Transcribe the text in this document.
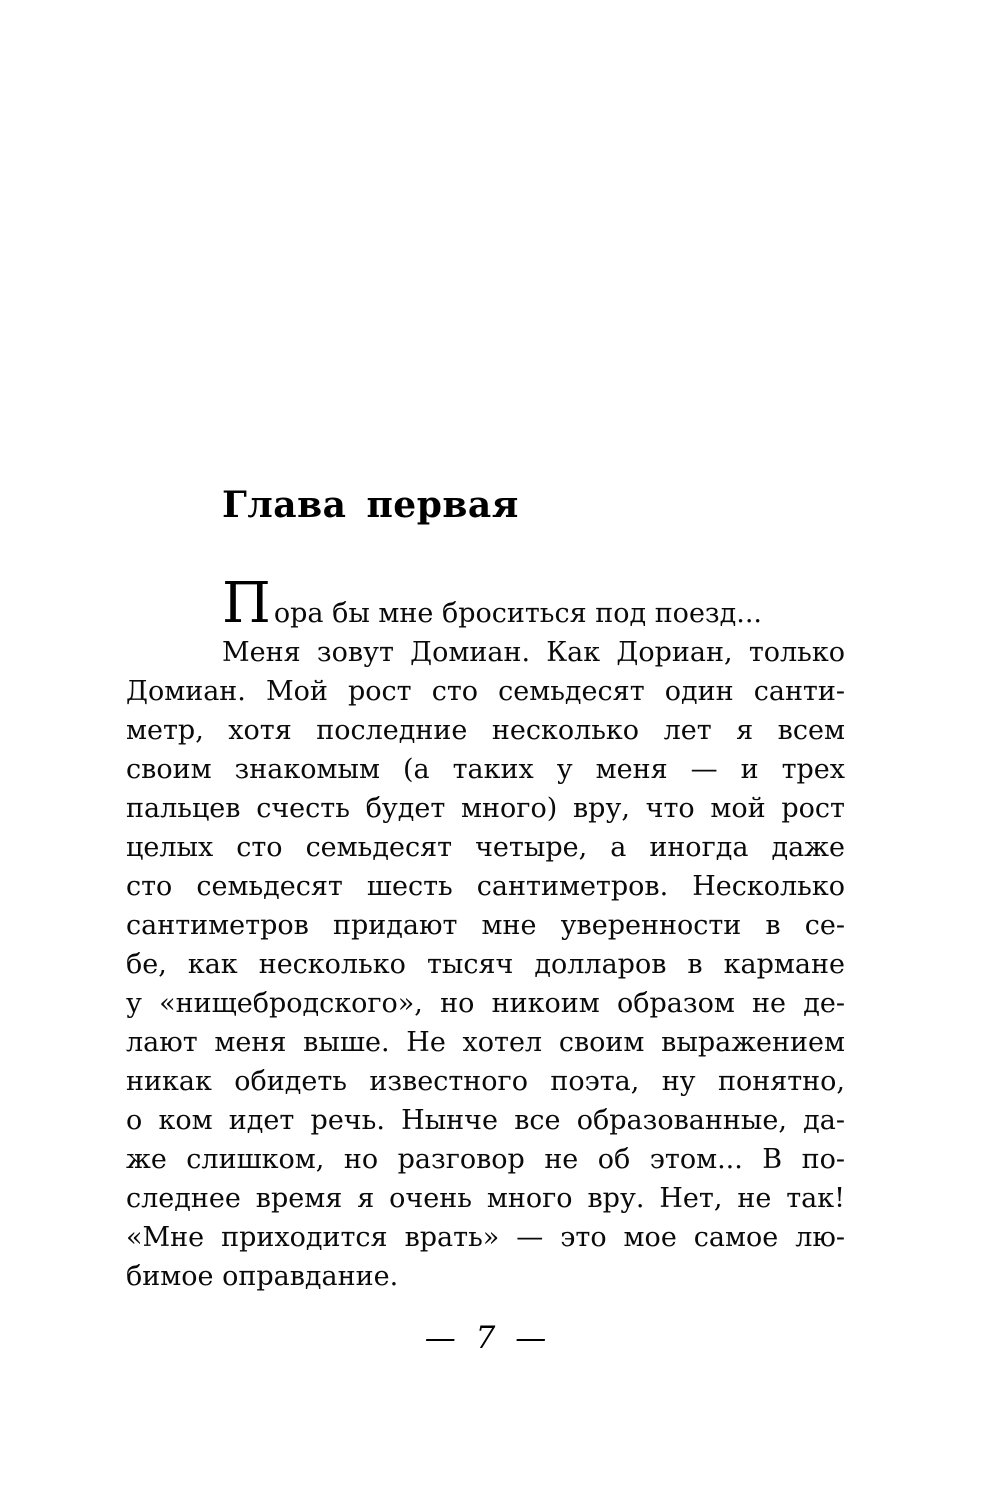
Глава первая
Пора бы мне броситься под поезд...
Меня зовут Домиан. Как Дориан, только
Домиан. Мой рост сто семьдесят один санти-
метр, хотя последние несколько лет я всем
своим знакомым (а таких у меня — и трех
пальцев счесть будет много) вру, что мой рост
целых сто семьдесят четыре, а иногда даже
сто семьдесят шесть сантиметров. Несколько
сантиметров придают мне уверенности в се-
бе, как несколько тысяч долларов в кармане
у «нищебродского», но никоим образом не де-
лают меня выше. Не хотел своим выражением
никак обидеть известного поэта, ну понятно,
о ком идет речь. Нынче все образованные, да-
же слишком, но разговор не об этом... В по-
следнее время я очень много вру. Нет, не так!
«Мне приходится врать» — это мое самое лю-
бимое оправдание.
— 7 —
